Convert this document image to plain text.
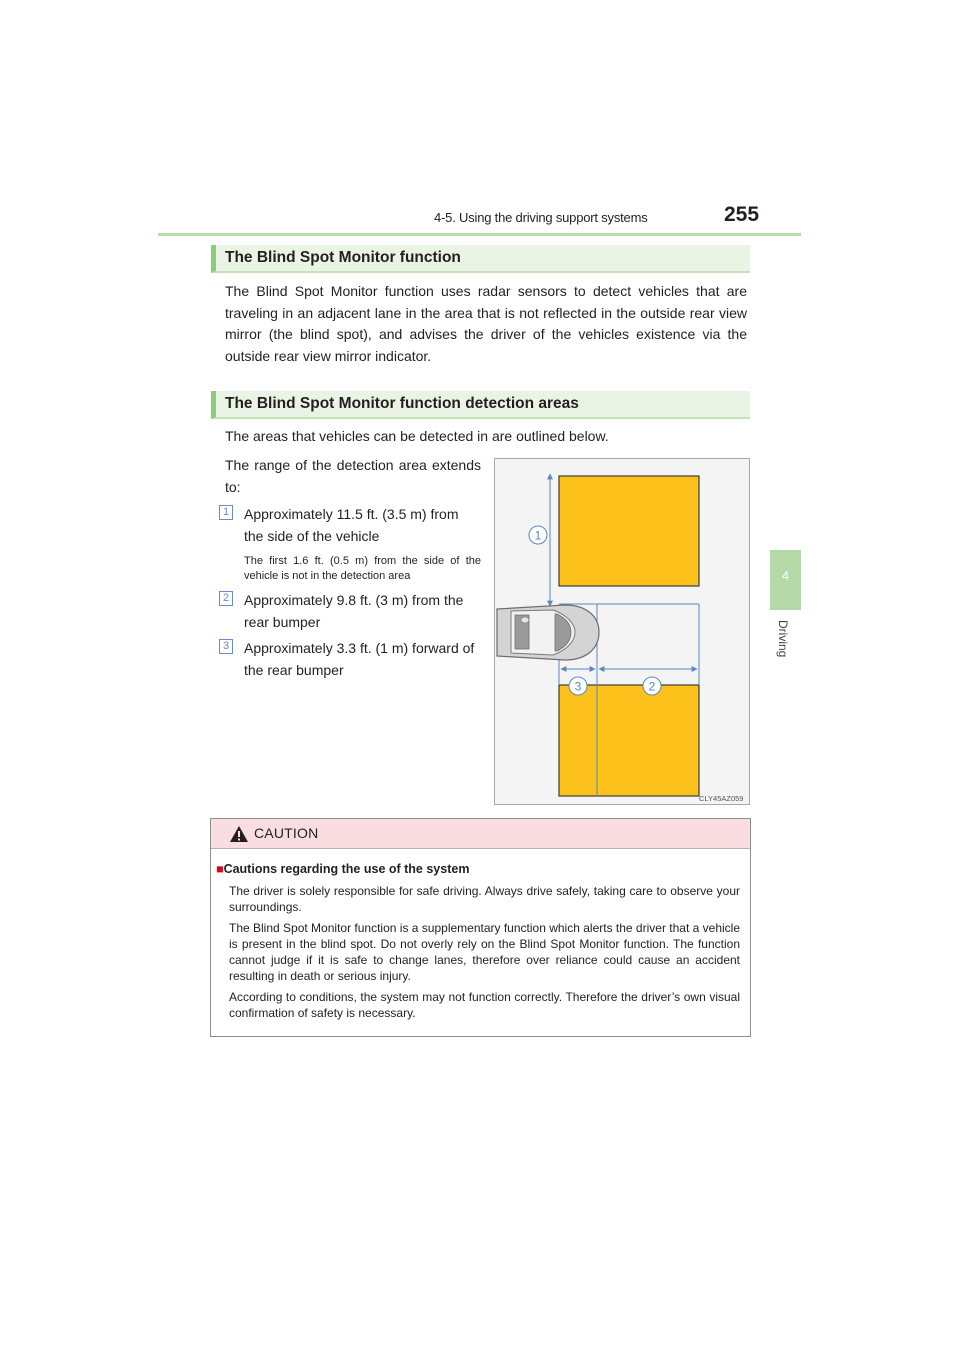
4-5. Using the driving support systems	255
4
Driving
The Blind Spot Monitor function
The Blind Spot Monitor function uses radar sensors to detect vehicles that are traveling in an adjacent lane in the area that is not reflected in the outside rear view mirror (the blind spot), and advises the driver of the vehicles existence via the outside rear view mirror indicator.
The Blind Spot Monitor function detection areas
The areas that vehicles can be detected in are outlined below.
The range of the detection area extends to:
1 Approximately 11.5 ft. (3.5 m) from the side of the vehicle
The first 1.6 ft. (0.5 m) from the side of the vehicle is not in the detection area
2 Approximately 9.8 ft. (3 m) from the rear bumper
3 Approximately 3.3 ft. (1 m) forward of the rear bumper
1
3	2
CLY45AZ059
CAUTION
■Cautions regarding the use of the system
The driver is solely responsible for safe driving. Always drive safely, taking care to observe your surroundings.
The Blind Spot Monitor function is a supplementary function which alerts the driver that a vehicle is present in the blind spot. Do not overly rely on the Blind Spot Monitor function. The function cannot judge if it is safe to change lanes, therefore over reliance could cause an accident resulting in death or serious injury.
According to conditions, the system may not function correctly. Therefore the driver’s own visual confirmation of safety is necessary.
